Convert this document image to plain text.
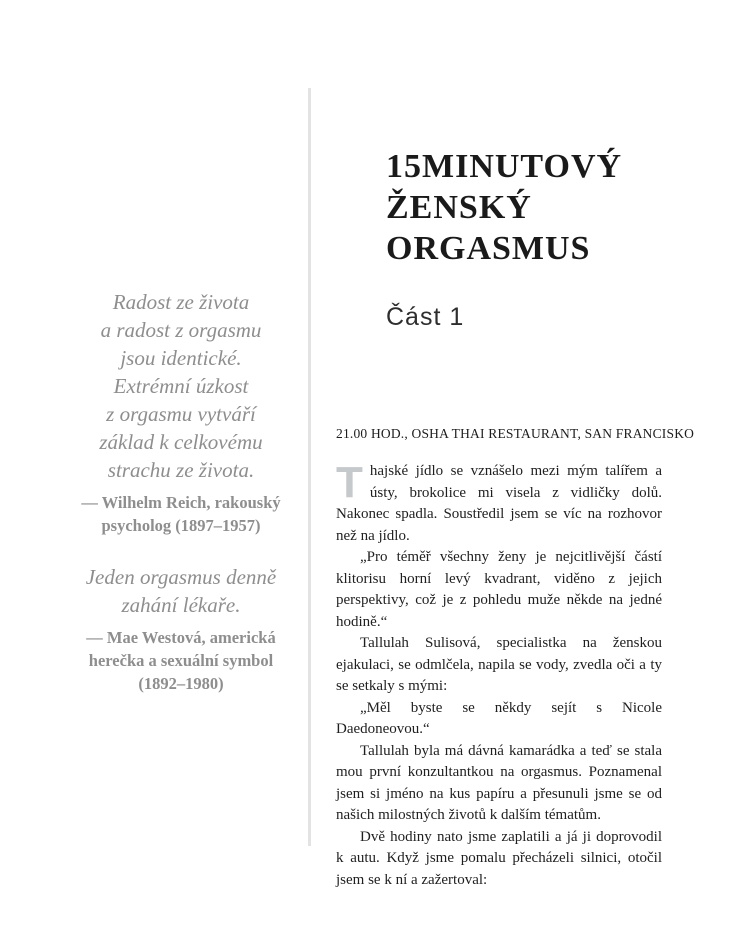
Radost ze života
a radost z orgasmu
jsou identické.
Extrémní úzkost
z orgasmu vytváří
základ k celkovému
strachu ze života.
— Wilhelm Reich, rakouský
psycholog (1897–1957)
Jeden orgasmus denně
zahání lékaře.
— Mae Westová, americká
herečka a sexuální symbol
(1892–1980)
15MINUTOVÝ
ŽENSKÝ
ORGASMUS
Část 1
21.00 HOD., OSHA THAI RESTAURANT, SAN FRANCISKO

T hajské jídlo se vznášelo mezi mým talířem a ústy, brokolice mi visela z vidličky dolů. Nakonec spadla. Soustředil jsem se víc na rozhovor než na jídlo.

„Pro téměř všechny ženy je nejcitlivější částí klitorisu horní levý kvadrant, viděno z jejich perspektivy, což je z pohledu muže někde na jedné hodině.“

Tallulah Sulisová, specialistka na ženskou ejakulaci, se odmlčela, napila se vody, zvedla oči a ty se setkaly s mými:

„Měl byste se někdy sejít s Nicole Daedoneovou.“

Tallulah byla má dávná kamarádka a teď se stala mou první konzultantkou na orgasmus. Poznamenal jsem si jméno na kus papíru a přesunuli jsme se od našich milostných životů k dalším tématům.

Dvě hodiny nato jsme zaplatili a já ji doprovodil k autu. Když jsme pomalu přecházeli silnici, otočil jsem se k ní a zažertoval:
